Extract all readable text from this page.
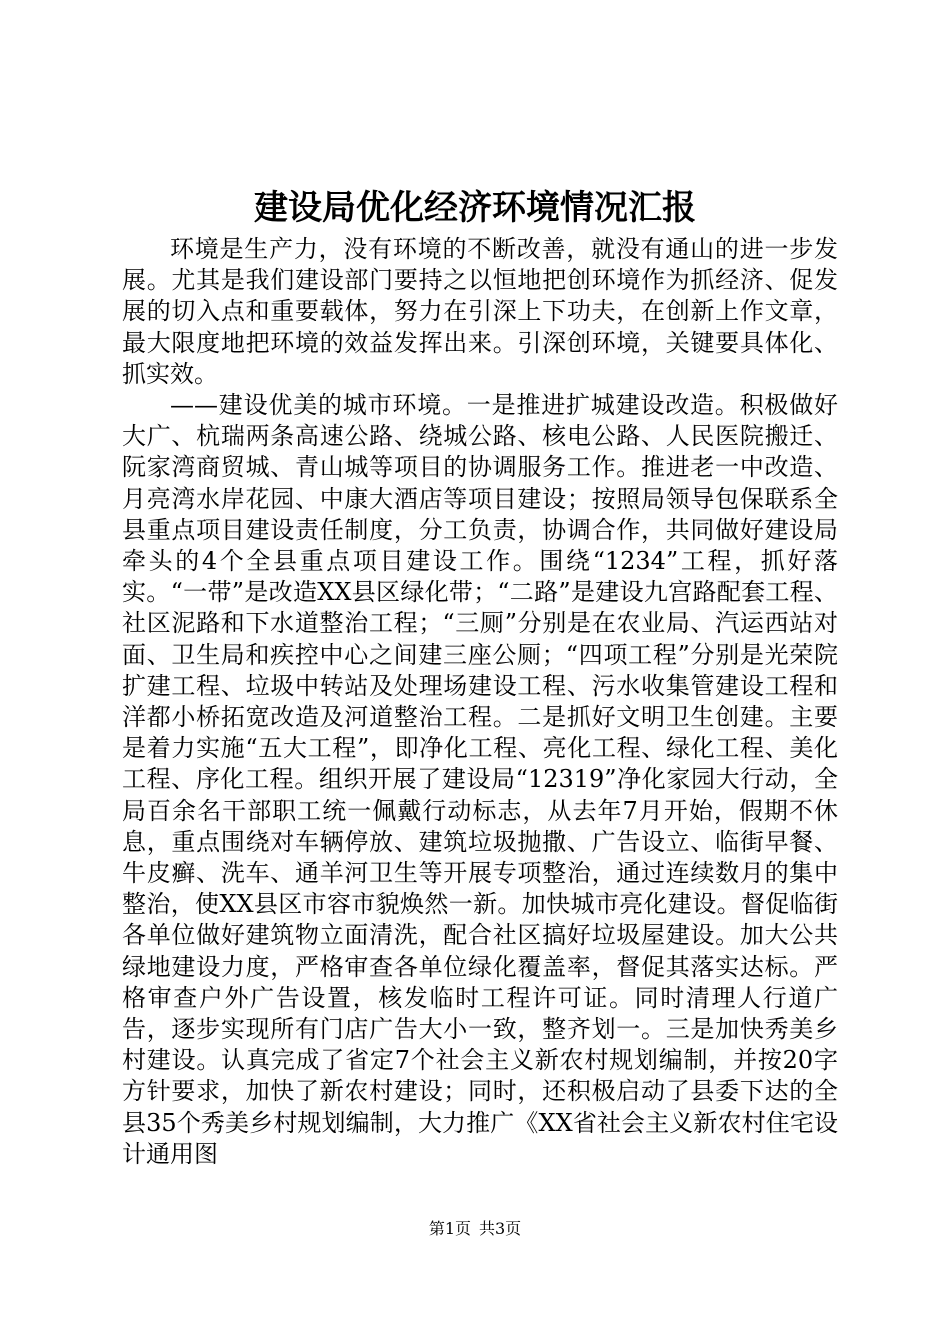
建设局优化经济环境情况汇报

环境是生产力，没有环境的不断改善，就没有通山的进一步发展。尤其是我们建设部门要持之以恒地把创环境作为抓经济、促发展的切入点和重要载体，努力在引深上下功夫，在创新上作文章，最大限度地把环境的效益发挥出来。引深创环境，关键要具体化、抓实效。

——建设优美的城市环境。一是推进扩城建设改造。积极做好大广、杭瑞两条高速公路、绕城公路、核电公路、人民医院搬迁、阮家湾商贸城、青山城等项目的协调服务工作。推进老一中改造、月亮湾水岸花园、中康大酒店等项目建设；按照局领导包保联系全县重点项目建设责任制度，分工负责，协调合作，共同做好建设局牵头的4个全县重点项目建设工作。围绕“1234”工程，抓好落实。“一带”是改造XX县区绿化带；“二路”是建设九宫路配套工程、社区泥路和下水道整治工程；“三厕”分别是在农业局、汽运西站对面、卫生局和疾控中心之间建三座公厕；“四项工程”分别是光荣院扩建工程、垃圾中转站及处理场建设工程、污水收集管建设工程和洋都小桥拓宽改造及河道整治工程。二是抓好文明卫生创建。主要是着力实施“五大工程”，即净化工程、亮化工程、绿化工程、美化工程、序化工程。组织开展了建设局“12319”净化家园大行动，全局百余名干部职工统一佩戴行动标志，从去年7月开始，假期不休息，重点围绕对车辆停放、建筑垃圾抛撒、广告设立、临街早餐、牛皮癣、洗车、通羊河卫生等开展专项整治，通过连续数月的集中整治，使XX县区市容市貌焕然一新。加快城市亮化建设。督促临街各单位做好建筑物立面清洗，配合社区搞好垃圾屋建设。加大公共绿地建设力度，严格审查各单位绿化覆盖率，督促其落实达标。严格审查户外广告设置，核发临时工程许可证。同时清理人行道广告，逐步实现所有门店广告大小一致，整齐划一。三是加快秀美乡村建设。认真完成了省定7个社会主义新农村规划编制，并按20字方针要求，加快了新农村建设；同时，还积极启动了县委下达的全县35个秀美乡村规划编制，大力推广《XX省社会主义新农村住宅设计通用图

第1页 共3页
